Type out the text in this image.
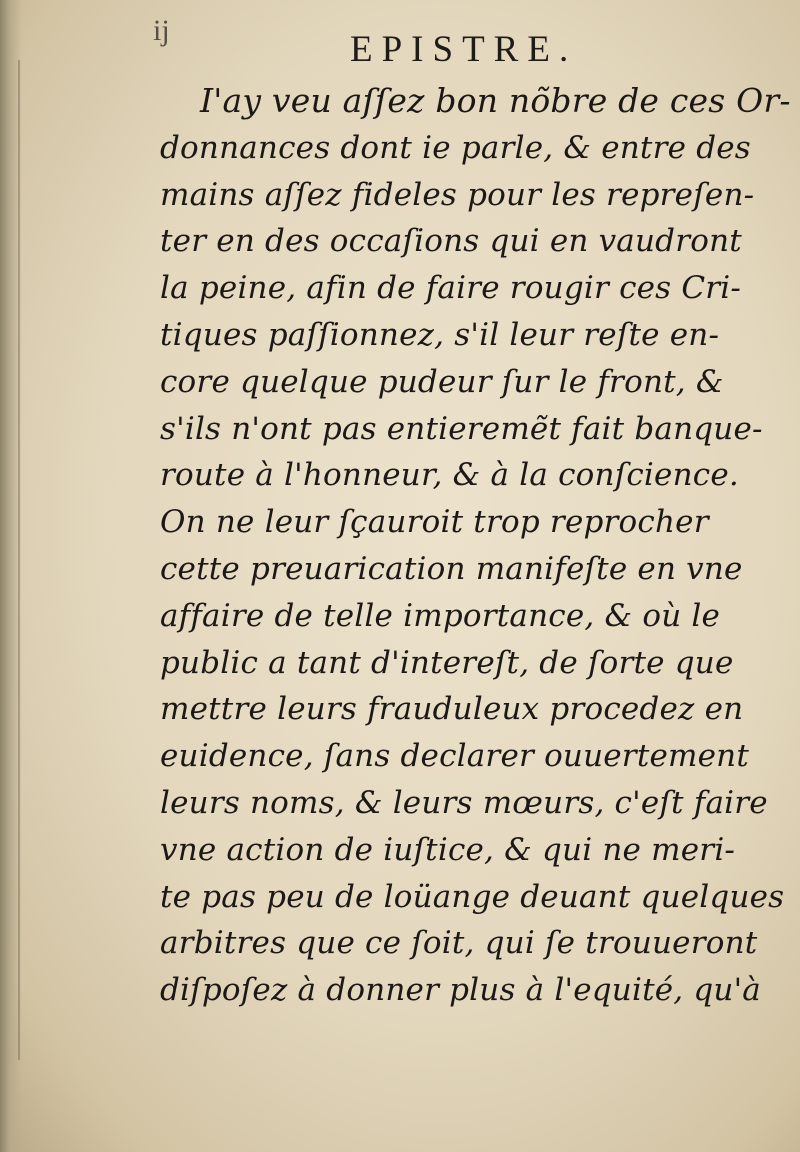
ij	EPISTRE.
I'ay veu aſſez bon nõbre de ces Or-
donnances dont ie parle, & entre des
mains aſſez fideles pour les repreſen-
ter en des occaſions qui en vaudront
la peine, afin de faire rougir ces Cri-
tiques paſſionnez, s'il leur reſte en-
core quelque pudeur ſur le front, &
s'ils n'ont pas entieremẽt fait banque-
route à l'honneur, & à la conſcience.
On ne leur ſçauroit trop reprocher
cette preuarication manifeſte en vne
affaire de telle importance, & où le
public a tant d'intereſt, de ſorte que
mettre leurs frauduleux procedez en
euidence, ſans declarer ouuertement
leurs noms, & leurs mœurs, c'eſt faire
vne action de iuſtice, & qui ne meri-
te pas peu de loüange deuant quelques
arbitres que ce ſoit, qui ſe trouueront
diſpoſez à donner plus à l'equité, qu'à
